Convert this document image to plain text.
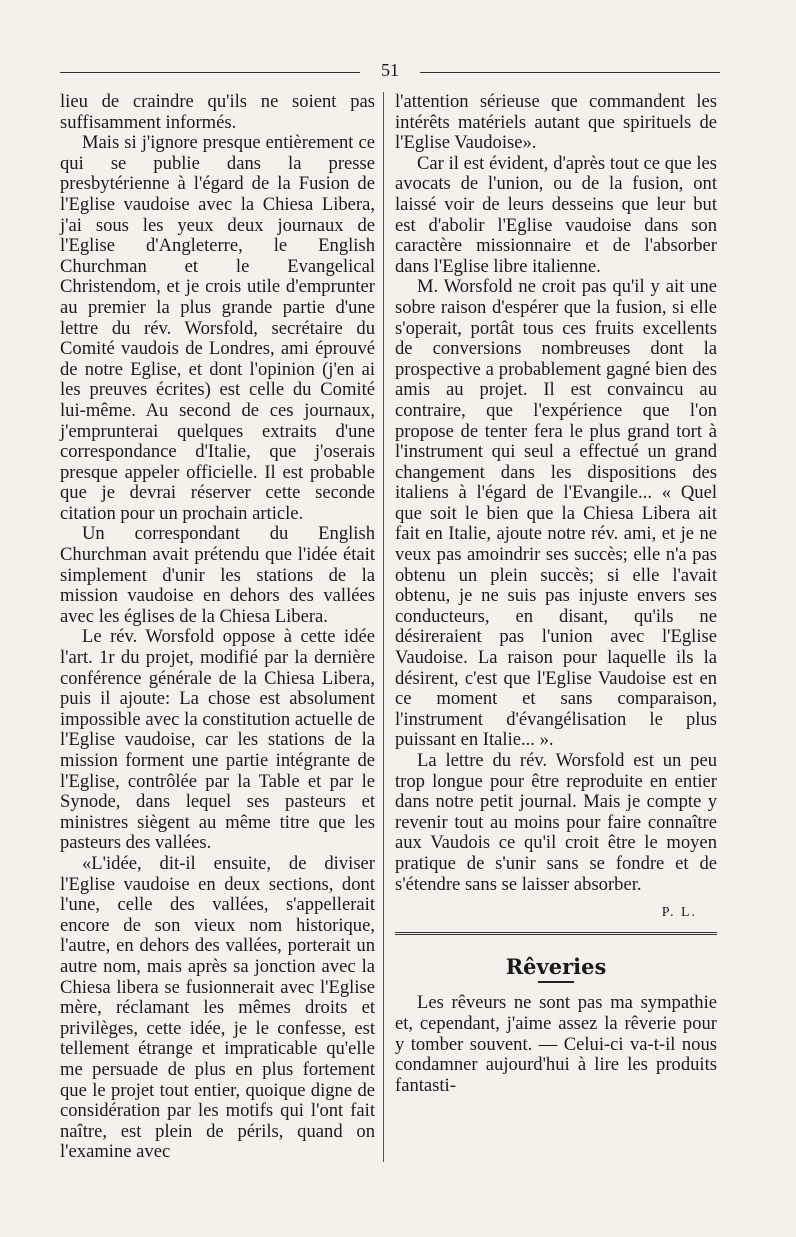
51

lieu de craindre qu'ils ne soient pas suffisamment informés.

Mais si j'ignore presque entièrement ce qui se publie dans la presse presbytérienne à l'égard de la Fusion de l'Eglise vaudoise avec la Chiesa Libera, j'ai sous les yeux deux journaux de l'Eglise d'Angleterre, le English Churchman et le Evangelical Christendom, et je crois utile d'emprunter au premier la plus grande partie d'une lettre du rév. Worsfold, secrétaire du Comité vaudois de Londres, ami éprouvé de notre Eglise, et dont l'opinion (j'en ai les preuves écrites) est celle du Comité lui-même. Au second de ces journaux, j'emprunterai quelques extraits d'une correspondance d'Italie, que j'oserais presque appeler officielle. Il est probable que je devrai réserver cette seconde citation pour un prochain article.

Un correspondant du English Churchman avait prétendu que l'idée était simplement d'unir les stations de la mission vaudoise en dehors des vallées avec les églises de la Chiesa Libera.

Le rév. Worsfold oppose à cette idée l'art. 1r du projet, modifié par la dernière conférence générale de la Chiesa Libera, puis il ajoute: La chose est absolument impossible avec la constitution actuelle de l'Eglise vaudoise, car les stations de la mission forment une partie intégrante de l'Eglise, contrôlée par la Table et par le Synode, dans lequel ses pasteurs et ministres siègent au même titre que les pasteurs des vallées.

«L'idée, dit-il ensuite, de diviser l'Eglise vaudoise en deux sections, dont l'une, celle des vallées, s'appellerait encore de son vieux nom historique, l'autre, en dehors des vallées, porterait un autre nom, mais après sa jonction avec la Chiesa libera se fusionnerait avec l'Eglise mère, réclamant les mêmes droits et privilèges, cette idée, je le confesse, est tellement étrange et impraticable qu'elle me persuade de plus en plus fortement que le projet tout entier, quoique digne de considération par les motifs qui l'ont fait naître, est plein de périls, quand on l'examine avec

l'attention sérieuse que commandent les intérêts matériels autant que spirituels de l'Eglise Vaudoise».

Car il est évident, d'après tout ce que les avocats de l'union, ou de la fusion, ont laissé voir de leurs desseins que leur but est d'abolir l'Eglise vaudoise dans son caractère missionnaire et de l'absorber dans l'Eglise libre italienne.

M. Worsfold ne croit pas qu'il y ait une sobre raison d'espérer que la fusion, si elle s'operait, portât tous ces fruits excellents de conversions nombreuses dont la prospective a probablement gagné bien des amis au projet. Il est convaincu au contraire, que l'expérience que l'on propose de tenter fera le plus grand tort à l'instrument qui seul a effectué un grand changement dans les dispositions des italiens à l'égard de l'Evangile... « Quel que soit le bien que la Chiesa Libera ait fait en Italie, ajoute notre rév. ami, et je ne veux pas amoindrir ses succès; elle n'a pas obtenu un plein succès; si elle l'avait obtenu, je ne suis pas injuste envers ses conducteurs, en disant, qu'ils ne désireraient pas l'union avec l'Eglise Vaudoise. La raison pour laquelle ils la désirent, c'est que l'Eglise Vaudoise est en ce moment et sans comparaison, l'instrument d'évangélisation le plus puissant en Italie... ».

La lettre du rév. Worsfold est un peu trop longue pour être reproduite en entier dans notre petit journal. Mais je compte y revenir tout au moins pour faire connaître aux Vaudois ce qu'il croit être le moyen pratique de s'unir sans se fondre et de s'étendre sans se laisser absorber.

P. L.
Rêveries

Les rêveurs ne sont pas ma sympathie et, cependant, j'aime assez la rêverie pour y tomber souvent. — Celui-ci va-t-il nous condamner aujourd'hui à lire les produits fantasti-
